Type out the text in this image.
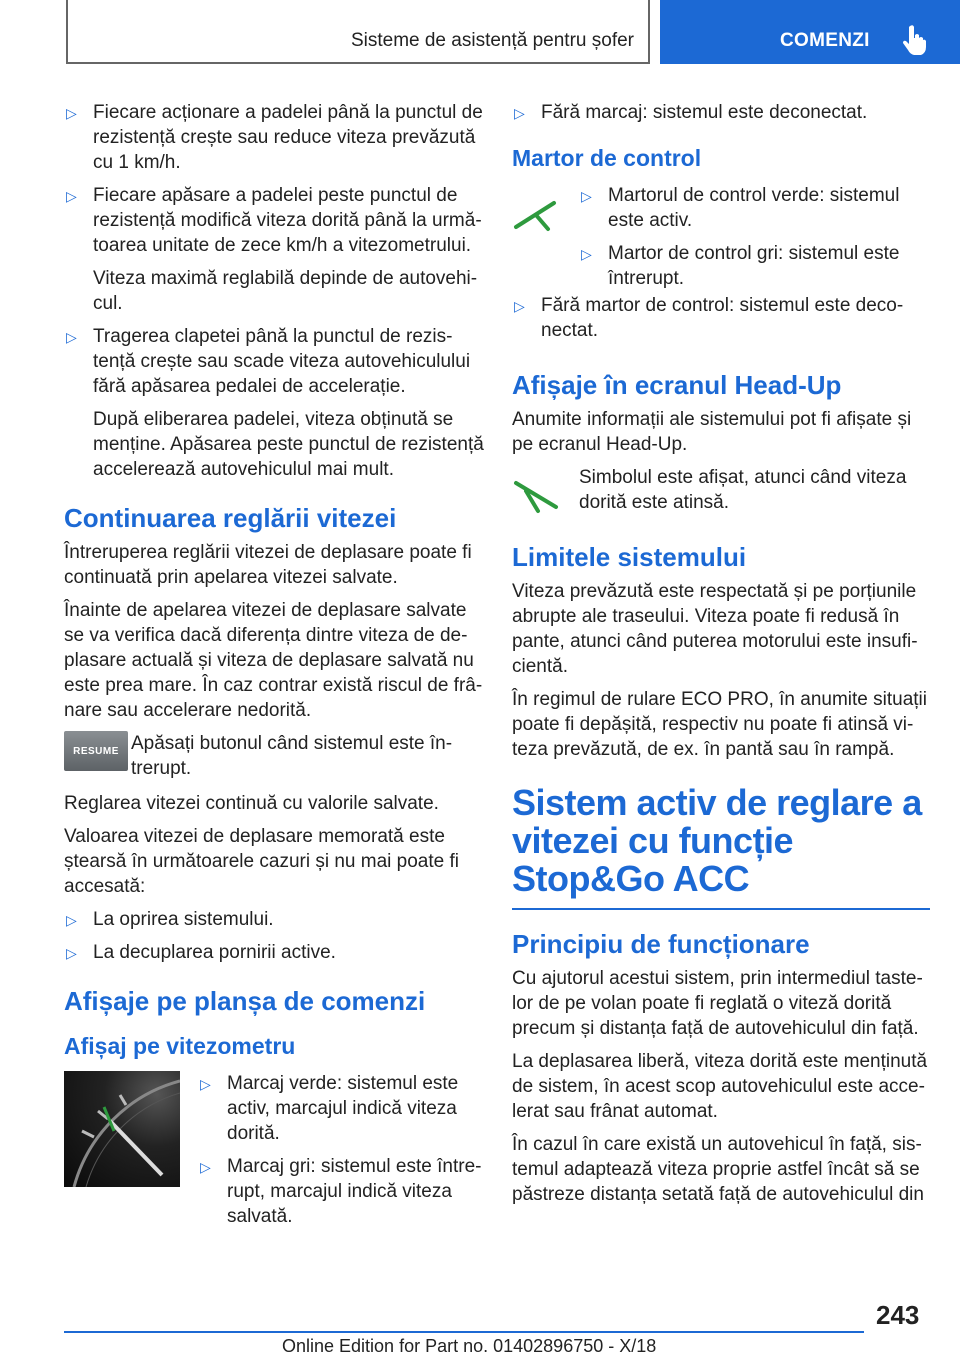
Sisteme de asistență pentru șofer	COMENZI
▷ Fiecare acționare a padelei până la punctul de rezistență crește sau reduce viteza prevăzută cu 1 km/h.
▷ Fiecare apăsare a padelei peste punctul de rezistență modifică viteza dorită până la următoarea unitate de zece km/h a vitezometrului.

Viteza maximă reglabilă depinde de autovehicul.

▷ Tragerea clapetei până la punctul de rezistență crește sau scade viteza autovehiculului fără apăsarea pedalei de accelerație.

După eliberarea padelei, viteza obținută se menține. Apăsarea peste punctul de rezistență accelerează autovehiculul mai mult.

Continuarea reglării vitezei

Întreruperea reglării vitezei de deplasare poate fi continuată prin apelarea vitezei salvate.

Înainte de apelarea vitezei de deplasare salvate se va verifica dacă diferența dintre viteza de deplasare actuală și viteza de deplasare salvată nu este prea mare. În caz contrar există riscul de frânare sau accelerare nedorită.

RESUME Apăsați butonul când sistemul este întrerupt.

Reglarea vitezei continuă cu valorile salvate.

Valoarea vitezei de deplasare memorată este ștearsă în următoarele cazuri și nu mai poate fi accesată:

▷ La oprirea sistemului.
▷ La decuplarea pornirii active.
Afișaje pe planșa de comenzi
Afișaj pe vitezometru
▷ Marcaj verde: sistemul este activ, marcajul indică viteza dorită.
▷ Marcaj gri: sistemul este întrerupt, marcajul indică viteza salvată.
▷ Fără marcaj: sistemul este deconectat.
Martor de control
▷ Martorul de control verde: sistemul este activ.
▷ Martor de control gri: sistemul este întrerupt.
▷ Fără martor de control: sistemul este deconectat.
Afișaje în ecranul Head-Up

Anumite informații ale sistemului pot fi afișate și pe ecranul Head-Up.

Simbolul este afișat, atunci când viteza dorită este atinsă.
Limitele sistemului

Viteza prevăzută este respectată și pe porțiunile abrupte ale traseului. Viteza poate fi redusă în pante, atunci când puterea motorului este insuficientă.

În regimul de rulare ECO PRO, în anumite situații poate fi depășită, respectiv nu poate fi atinsă viteza prevăzută, de ex. în pantă sau în rampă.

Sistem activ de reglare a vitezei cu funcție Stop&Go ACC
Principiu de funcționare

Cu ajutorul acestui sistem, prin intermediul tastelor de pe volan poate fi reglată o viteză dorită precum și distanța față de autovehiculul din față.

La deplasarea liberă, viteza dorită este menținută de sistem, în acest scop autovehiculul este accelerat sau frânat automat.

În cazul în care există un autovehicul în față, sistemul adaptează viteza proprie astfel încât să se păstreze distanța setată față de autovehiculul din

243
Online Edition for Part no. 01402896750 - X/18
